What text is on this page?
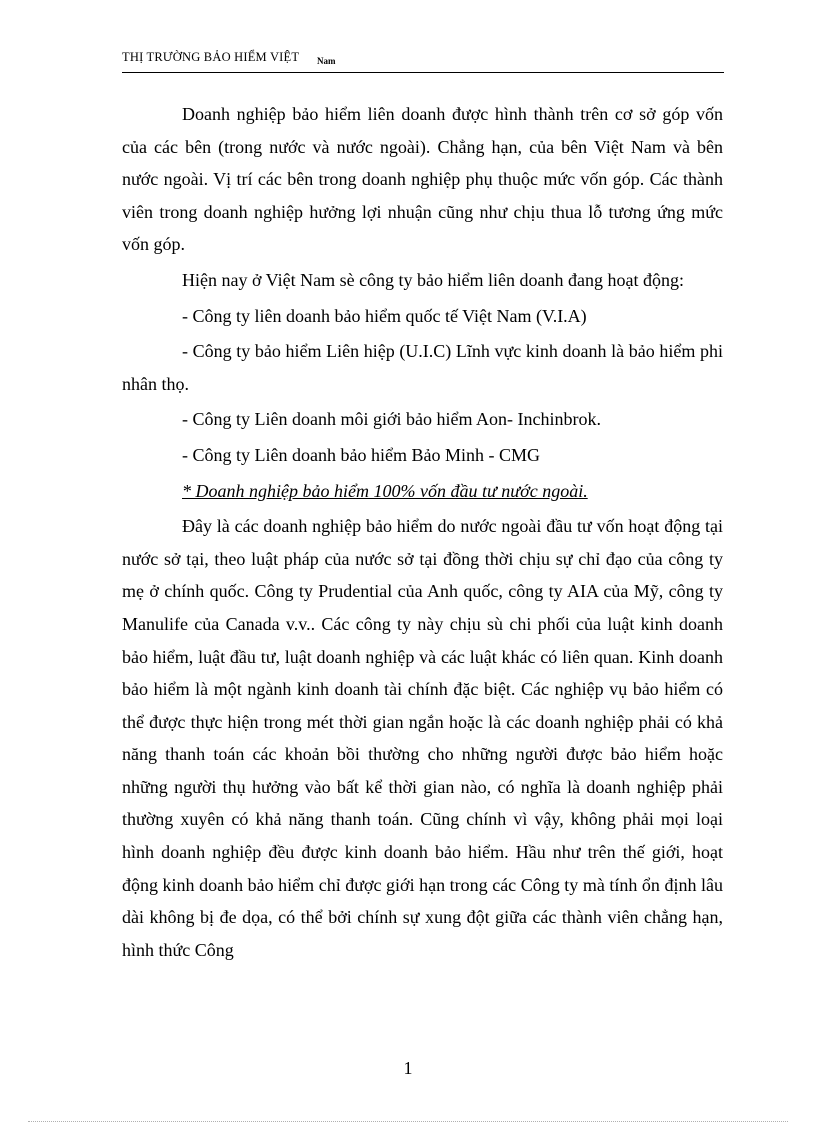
THỊ TRƯỜNG BẢO HIỂM VIỆT Nam

Doanh nghiệp bảo hiểm liên doanh được hình thành trên cơ sở góp vốn của các bên (trong nước và nước ngoài). Chẳng hạn, của bên Việt Nam và bên nước ngoài. Vị trí các bên trong doanh nghiệp phụ thuộc mức vốn góp. Các thành viên trong doanh nghiệp hưởng lợi nhuận cũng như chịu thua lỗ tương ứng mức vốn góp.

Hiện nay ở Việt Nam sè công ty bảo hiểm liên doanh đang hoạt động:

- Công ty liên doanh bảo hiểm quốc tế Việt Nam (V.I.A)

- Công ty bảo hiểm Liên hiệp (U.I.C) Lĩnh vực kinh doanh là bảo hiểm phi nhân thọ.

- Công ty Liên doanh môi giới bảo hiểm Aon- Inchinbrok.

- Công ty Liên doanh bảo hiểm Bảo Minh - CMG

* Doanh nghiệp bảo hiểm 100% vốn đầu tư nước ngoài.

Đây là các doanh nghiệp bảo hiểm do nước ngoài đầu tư vốn hoạt động tại nước sở tại, theo luật pháp của nước sở tại đồng thời chịu sự chỉ đạo của công ty mẹ ở chính quốc. Công ty Prudential của Anh quốc, công ty AIA của Mỹ, công ty Manulife của Canada v.v.. Các công ty này chịu sù chi phối của luật kinh doanh bảo hiểm, luật đầu tư, luật doanh nghiệp và các luật khác có liên quan. Kinh doanh bảo hiểm là một ngành kinh doanh tài chính đặc biệt. Các nghiệp vụ bảo hiểm có thể được thực hiện trong mét thời gian ngắn hoặc là các doanh nghiệp phải có khả năng thanh toán các khoản bồi thường cho những người được bảo hiểm hoặc những người thụ hưởng vào bất kể thời gian nào, có nghĩa là doanh nghiệp phải thường xuyên có khả năng thanh toán. Cũng chính vì vậy, không phải mọi loại hình doanh nghiệp đều được kinh doanh bảo hiểm. Hầu như trên thế giới, hoạt động kinh doanh bảo hiểm chỉ được giới hạn trong các Công ty mà tính ổn định lâu dài không bị đe dọa, có thể bởi chính sự xung đột giữa các thành viên chẳng hạn, hình thức Công

1
